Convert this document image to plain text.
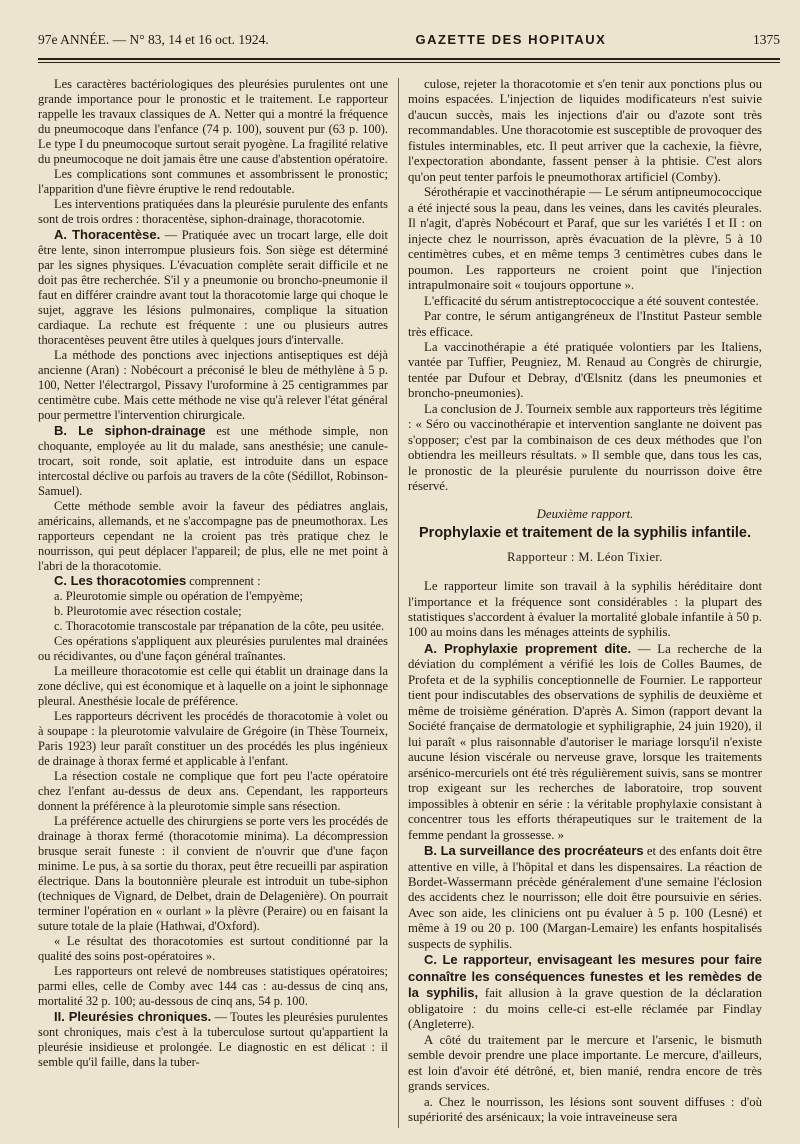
97e ANNÉE. — N° 83, 14 et 16 oct. 1924.	GAZETTE DES HOPITAUX	1375

Les caractères bactériologiques des pleurésies purulentes ont une grande importance pour le pronostic et le traitement. Le rapporteur rappelle les travaux classiques de A. Netter qui a montré la fréquence du pneumocoque dans l'enfance (74 p. 100), souvent pur (63 p. 100). Le type I du pneumocoque surtout serait pyogène. La fragilité relative du pneumocoque ne doit jamais être une cause d'abstention opératoire.

Les complications sont communes et assombrissent le pronostic; l'apparition d'une fièvre éruptive le rend redoutable.

Les interventions pratiquées dans la pleurésie purulente des enfants sont de trois ordres : thoracentèse, siphon-drainage, thoracotomie.

A. Thoracentèse. — Pratiquée avec un trocart large, elle doit être lente, sinon interrompue plusieurs fois. Son siège est déterminé par les signes physiques. L'évacuation complète serait difficile et ne doit pas être recherchée. S'il y a pneumonie ou broncho-pneumonie il faut en différer craindre avant tout la thoracotomie large qui choque le sujet, aggrave les lésions pulmonaires, complique la situation cardiaque. La rechute est fréquente : une ou plusieurs autres thoracentèses peuvent être utiles à quelques jours d'intervalle.

La méthode des ponctions avec injections antiseptiques est déjà ancienne (Aran) : Nobécourt a préconisé le bleu de méthylène à 5 p. 100, Netter l'électrargol, Pissavy l'uroformine à 25 centigrammes par centimètre cube. Mais cette méthode ne vise qu'à relever l'état général pour permettre l'intervention chirurgicale.

B. Le siphon-drainage est une méthode simple, non choquante, employée au lit du malade, sans anesthésie; une canule-trocart, soit ronde, soit aplatie, est introduite dans un espace intercostal déclive ou parfois au travers de la côte (Sédillot, Robinson-Samuel).

Cette méthode semble avoir la faveur des pédiatres anglais, américains, allemands, et ne s'accompagne pas de pneumothorax. Les rapporteurs cependant ne la croient pas très pratique chez le nourrisson, qui peut déplacer l'appareil; de plus, elle ne met point à l'abri de la thoracotomie.

C. Les thoracotomies comprennent :

a. Pleurotomie simple ou opération de l'empyème;

b. Pleurotomie avec résection costale;

c. Thoracotomie transcostale par trépanation de la côte, peu usitée.

Ces opérations s'appliquent aux pleurésies purulentes mal drainées ou récidivantes, ou d'une façon général traînantes.

La meilleure thoracotomie est celle qui établit un drainage dans la zone déclive, qui est économique et à laquelle on a joint le siphonnage pleural. Anesthésie locale de préférence.

Les rapporteurs décrivent les procédés de thoracotomie à volet ou à soupape : la pleurotomie valvulaire de Grégoire (in Thèse Tourneix, Paris 1923) leur paraît constituer un des procédés les plus ingénieux de drainage à thorax fermé et applicable à l'enfant.

La résection costale ne complique que fort peu l'acte opératoire chez l'enfant au-dessus de deux ans. Cependant, les rapporteurs donnent la préférence à la pleurotomie simple sans résection.

La préférence actuelle des chirurgiens se porte vers les procédés de drainage à thorax fermé (thoracotomie minima). La décompression brusque serait funeste : il convient de n'ouvrir que d'une façon minime. Le pus, à sa sortie du thorax, peut être recueilli par aspiration électrique. Dans la boutonnière pleurale est introduit un tube-siphon (techniques de Vignard, de Delbet, drain de Delagenière). On pourrait terminer l'opération en « ourlant » la plèvre (Peraire) ou en faisant la suture totale de la plaie (Hathwai, d'Oxford).

« Le résultat des thoracotomies est surtout conditionné par la qualité des soins post-opératoires ».

Les rapporteurs ont relevé de nombreuses statistiques opératoires; parmi elles, celle de Comby avec 144 cas : au-dessus de cinq ans, mortalité 32 p. 100; au-dessous de cinq ans, 54 p. 100.

II. Pleurésies chroniques. — Toutes les pleurésies purulentes sont chroniques, mais c'est à la tuberculose surtout qu'appartient la pleurésie insidieuse et prolongée. Le diagnostic en est délicat : il semble qu'il faille, dans la tuber-

culose, rejeter la thoracotomie et s'en tenir aux ponctions plus ou moins espacées. L'injection de liquides modificateurs n'est suivie d'aucun succès, mais les injections d'air ou d'azote sont très recommandables. Une thoracotomie est susceptible de provoquer des fistules interminables, etc. Il peut arriver que la cachexie, la fièvre, l'expectoration abondante, fassent penser à la phtisie. C'est alors qu'on peut tenter parfois le pneumothorax artificiel (Comby).

Sérothérapie et vaccinothérapie — Le sérum antipneumococcique a été injecté sous la peau, dans les veines, dans les cavités pleurales. Il n'agit, d'après Nobécourt et Paraf, que sur les variétés I et II : on injecte chez le nourrisson, après évacuation de la plèvre, 5 à 10 centimètres cubes, et en même temps 3 centimètres cubes dans le poumon. Les rapporteurs ne croient point que l'injection intrapulmonaire soit « toujours opportune ».

L'efficacité du sérum antistreptococcique a été souvent contestée.

Par contre, le sérum antigangréneux de l'Institut Pasteur semble très efficace.

La vaccinothérapie a été pratiquée volontiers par les Italiens, vantée par Tuffier, Peugniez, M. Renaud au Congrès de chirurgie, tentée par Dufour et Debray, d'Œlsnitz (dans les pneumonies et broncho-pneumonies).

La conclusion de J. Tourneix semble aux rapporteurs très légitime : « Séro ou vaccinothérapie et intervention sanglante ne doivent pas s'opposer; c'est par la combinaison de ces deux méthodes que l'on obtiendra les meilleurs résultats. » Il semble que, dans tous les cas, le pronostic de la pleurésie purulente du nourrisson doive être réservé.

Deuxième rapport.
Prophylaxie et traitement de la syphilis infantile.
Rapporteur : M. Léon Tixier.

Le rapporteur limite son travail à la syphilis héréditaire dont l'importance et la fréquence sont considérables : la plupart des statistiques s'accordent à évaluer la mortalité globale infantile à 50 p. 100 au moins dans les ménages atteints de syphilis.

A. Prophylaxie proprement dite. — La recherche de la déviation du complément a vérifié les lois de Colles Baumes, de Profeta et de la syphilis conceptionnelle de Fournier. Le rapporteur tient pour indiscutables des observations de syphilis de deuxième et même de troisième génération. D'après A. Simon (rapport devant la Société française de dermatologie et syphiligraphie, 24 juin 1920), il lui paraît « plus raisonnable d'autoriser le mariage lorsqu'il n'existe aucune lésion viscérale ou nerveuse grave, lorsque les traitements arsénico-mercuriels ont été très régulièrement suivis, sans se montrer trop exigeant sur les recherches de laboratoire, trop souvent impossibles à obtenir en série : la véritable prophylaxie consistant à concentrer tous les efforts thérapeutiques sur le traitement de la femme pendant la grossesse. »

B. La surveillance des procréateurs et des enfants doit être attentive en ville, à l'hôpital et dans les dispensaires. La réaction de Bordet-Wassermann précède généralement d'une semaine l'éclosion des accidents chez le nourrisson; elle doit être poursuivie en séries. Avec son aide, les cliniciens ont pu évaluer à 5 p. 100 (Lesné) et même à 19 ou 20 p. 100 (Margan-Lemaire) les enfants hospitalisés suspects de syphilis.

C. Le rapporteur, envisageant les mesures pour faire connaître les conséquences funestes et les remèdes de la syphilis, fait allusion à la grave question de la déclaration obligatoire : du moins celle-ci est-elle réclamée par Findlay (Angleterre).

A côté du traitement par le mercure et l'arsenic, le bismuth semble devoir prendre une place importante. Le mercure, d'ailleurs, est loin d'avoir été détrôné, et, bien manié, rendra encore de très grands services.

a. Chez le nourrisson, les lésions sont souvent diffuses : d'où supériorité des arsénicaux; la voie intraveineuse sera
